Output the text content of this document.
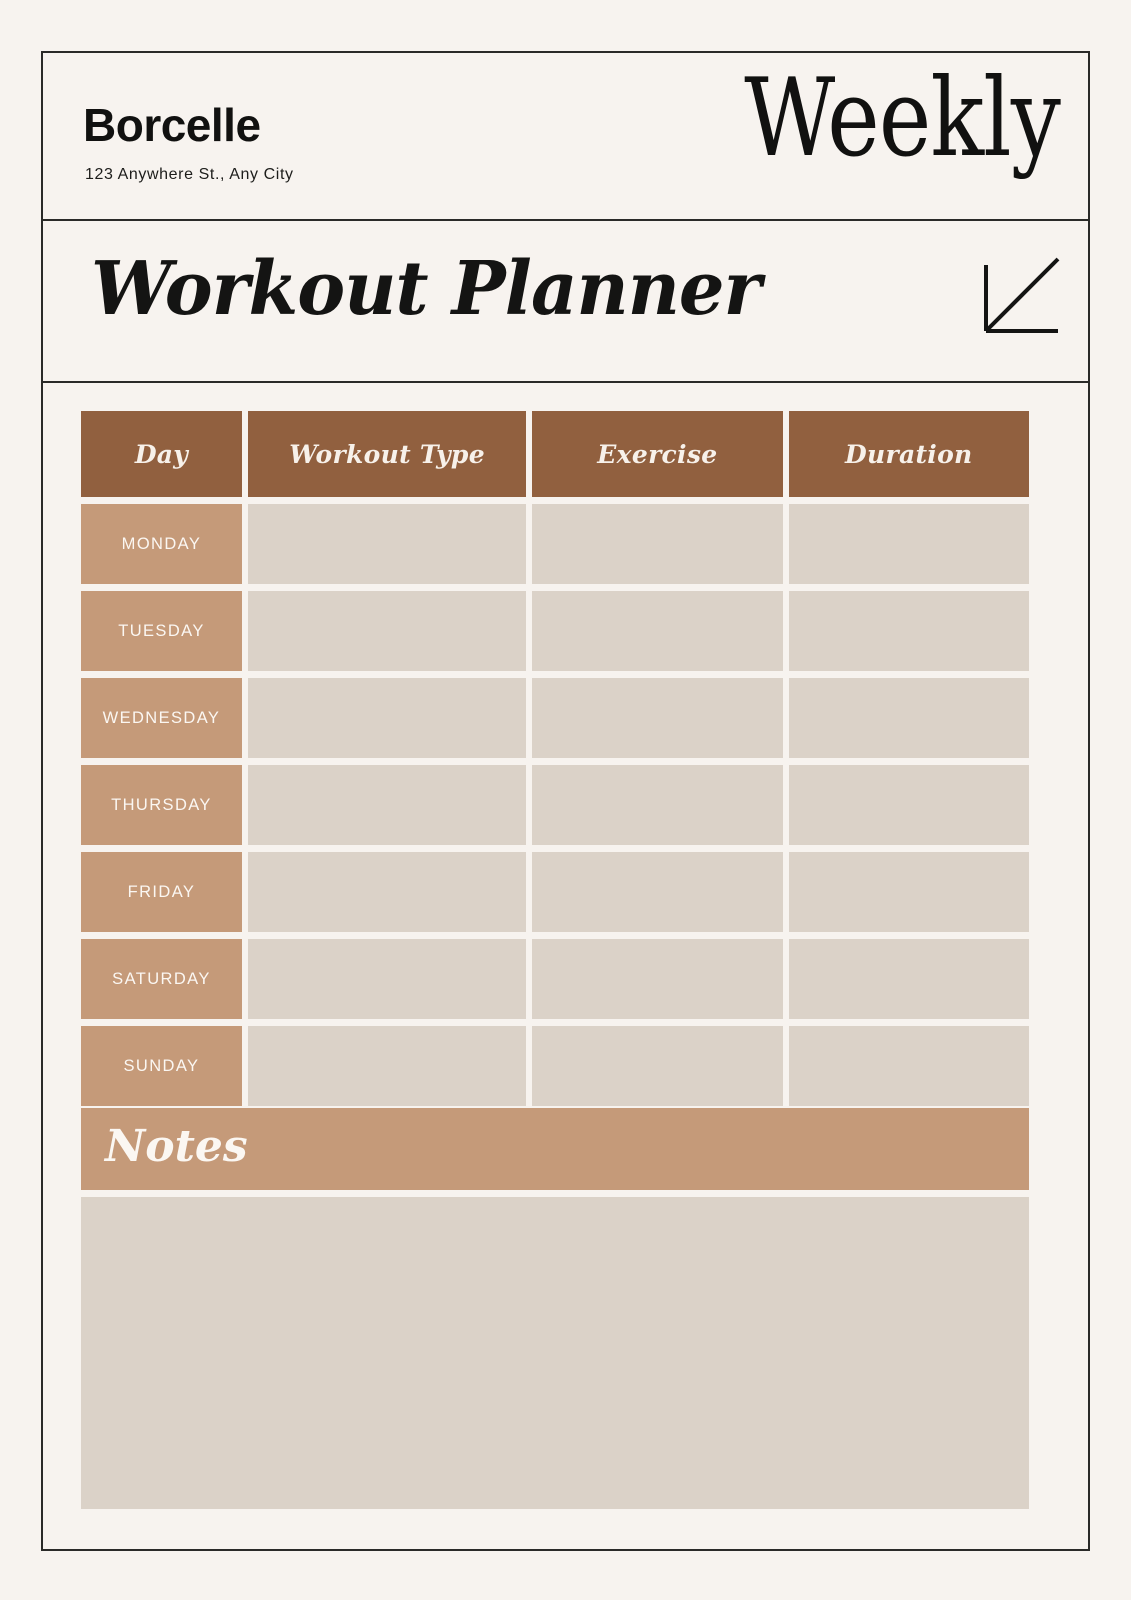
Borcelle
123 Anywhere St., Any City	Weekly
Workout Planner
Day	Workout Type	Exercise	Duration
MONDAY
TUESDAY
WEDNESDAY
THURSDAY
FRIDAY
SATURDAY
SUNDAY
Notes
